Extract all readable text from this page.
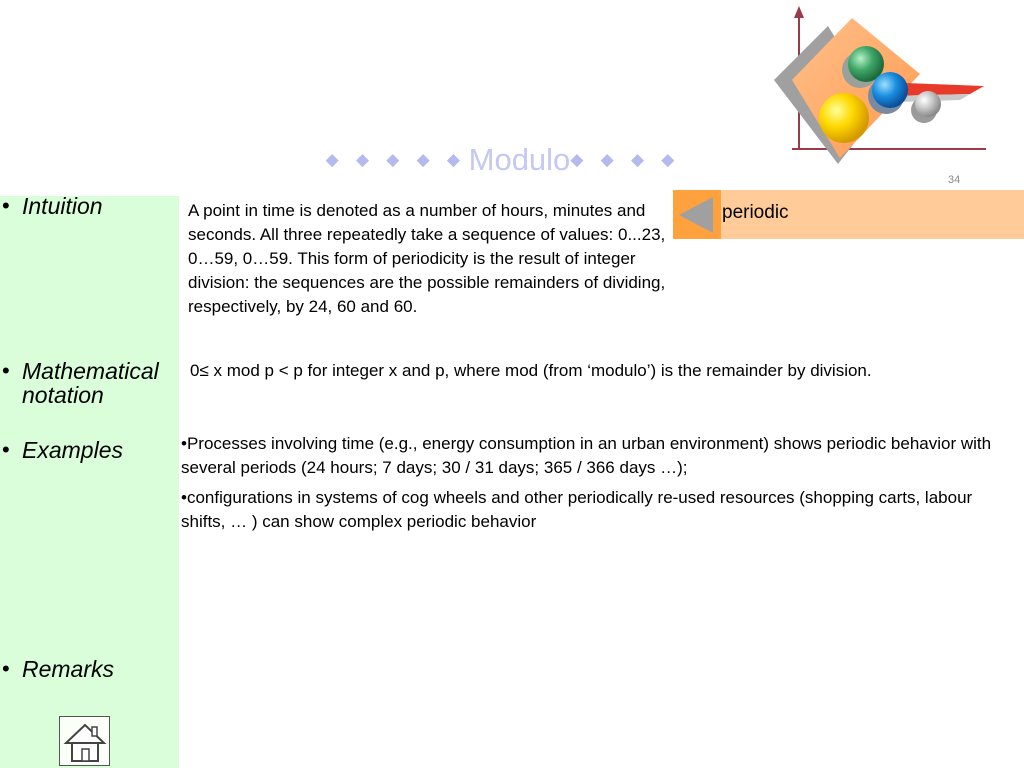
◆
◆
◆
◆
◆
Modulo ◆
◆
◆
◆
34
periodic
• Intuition
• Mathematical notation
• Examples
• Remarks
A point in time is denoted as a number of hours, minutes and seconds. All three repeatedly take a sequence of values: 0...23, 0…59, 0…59. This form of periodicity is the result of integer division: the sequences are the possible remainders of dividing, respectively, by 24, 60 and 60.
0≤ x mod p < p for integer x and p, where mod (from ‘modulo’) is the remainder by division.
•Processes involving time (e.g., energy consumption in an urban environment) shows periodic behavior with several periods (24 hours; 7 days; 30 / 31 days; 365 / 366 days …);
•configurations in systems of cog wheels and other periodically re-used resources (shopping carts, labour shifts, … ) can show complex periodic behavior
